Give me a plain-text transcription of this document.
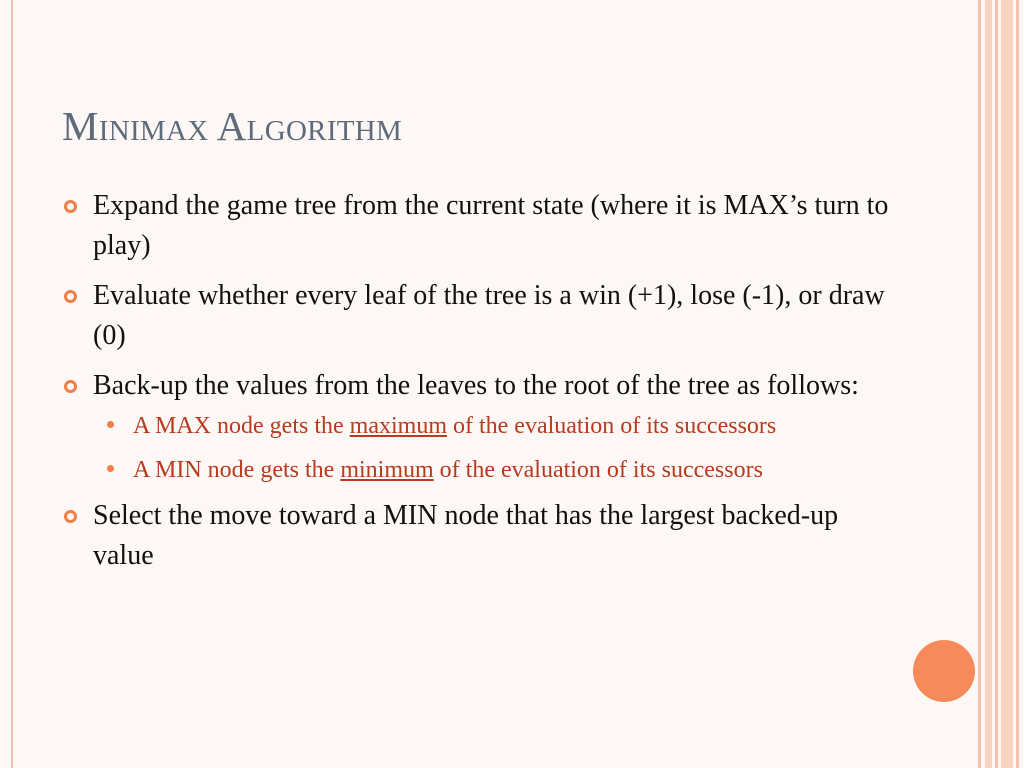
Minimax Algorithm
Expand the game tree from the current state (where it is MAX’s turn to play)
Evaluate whether every leaf of the tree is a win (+1), lose (-1), or draw (0)
Back-up the values from the leaves to the root of the tree as follows:
A MAX node gets the maximum of the evaluation of its successors
A MIN node gets the minimum of the evaluation of its successors
Select the move toward a MIN node that has the largest backed-up value
